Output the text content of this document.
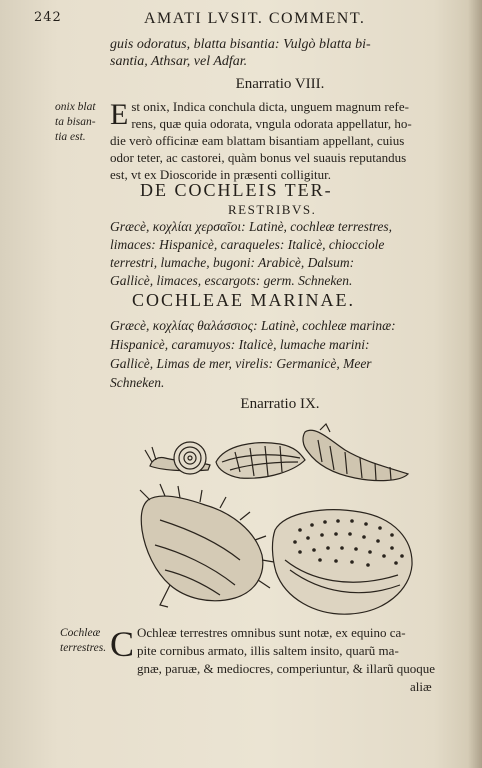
242	AMATI LVSIT. COMMENT.
guis odoratus, blatta bisantia: Vulgò blatta bi-
santia, Athsar, vel Adfar.
Enarratio VIII.
onix blat
ta bisan-
tia est.
E st onix, Indica conchula dicta, unguem magnum refe-
rens, quæ quia odorata, vngula odorata appellatur, ho-
die verò officinæ eam blattam bisantiam appellant, cuius
odor teter, ac castorei, quàm bonus vel suauis reputandus
est, vt ex Dioscoride in præsenti colligitur.
DE COCHLEIS TER-
RESTRIBVS.
Græcè, κοχλίαι χερσαῖοι: Latinè, cochleæ terrestres,
limaces: Hispanicè, caraqueles: Italicè, chiocciole
terrestri, lumache, bugoni: Arabicè, Dalsum:
Gallicè, limaces, escargots: germ. Schneken.
COCHLEAE MARINAE.
Græcè, κοχλίας θαλάσσιος: Latinè, cochleæ marinæ:
Hispanicè, caramuyos: Italicè, lumache marini:
Gallicè, Limas de mer, virelis: Germanicè, Meer
Schneken.
Enarratio IX.
Cochleæ
terrestres. C Ochleæ terrestres omnibus sunt notæ, ex equino ca-
pite cornibus armato, illis saltem insito, quarũ ma-
gnæ, paruæ, & mediocres, comperiuntur, & illarũ quoque
aliæ
